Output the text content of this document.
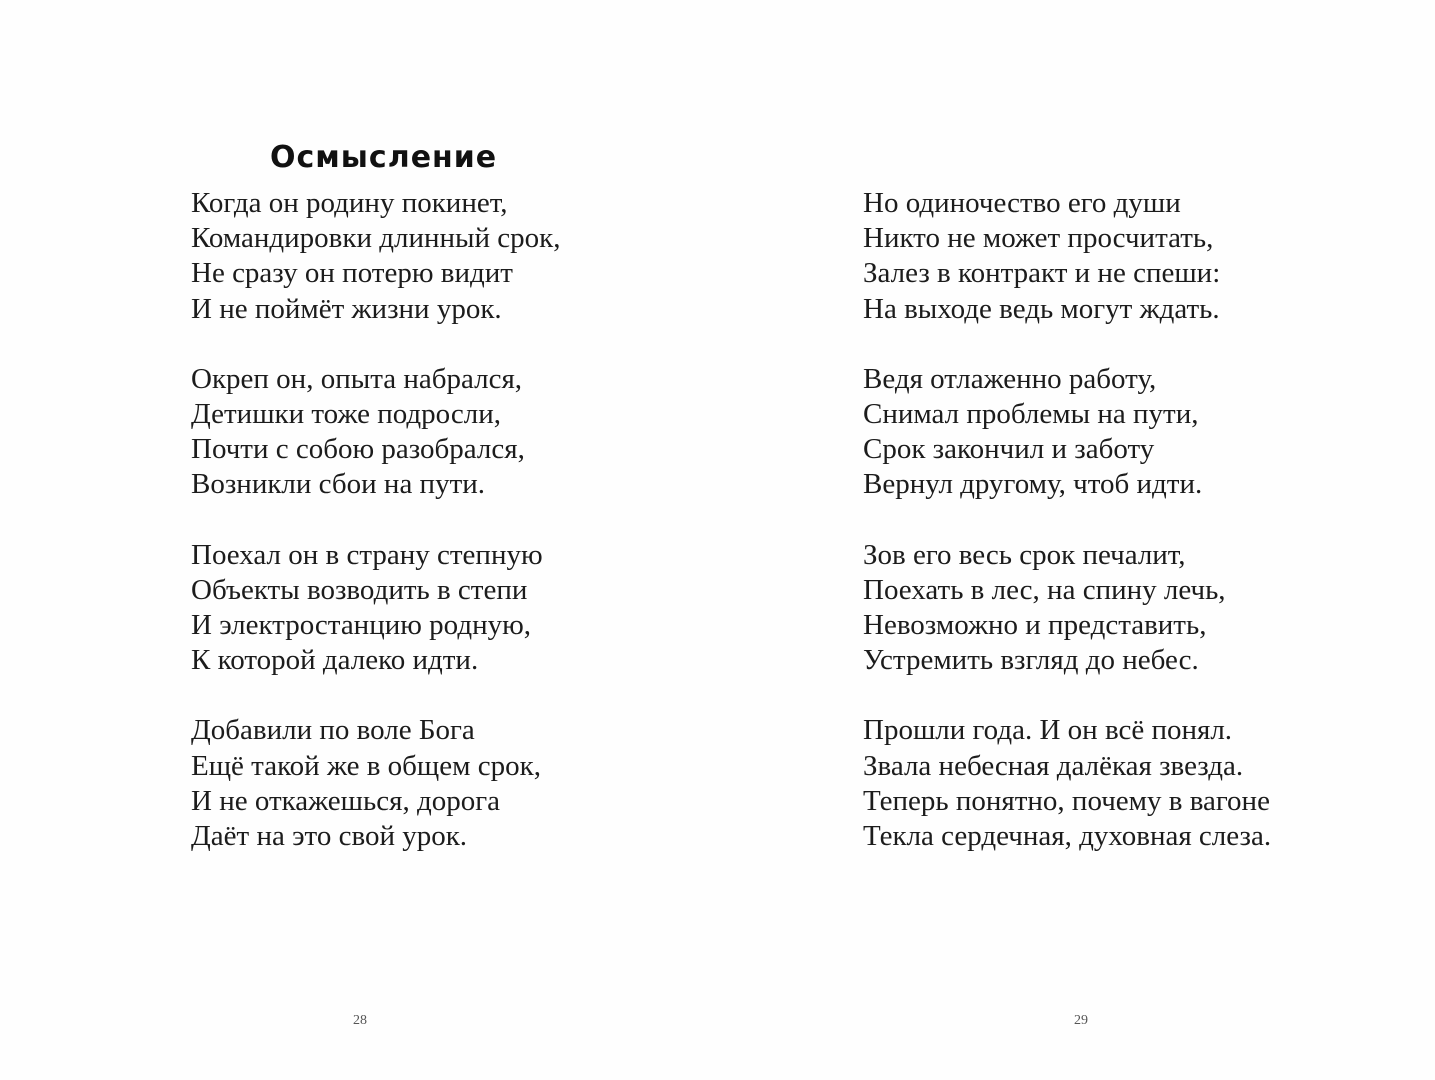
Осмысление

Когда он родину покинет,
Командировки длинный срок,
Не сразу он потерю видит
И не поймёт жизни урок.

Окреп он, опыта набрался,
Детишки тоже подросли,
Почти с собою разобрался,
Возникли сбои на пути.

Поехал он в страну степную
Объекты возводить в степи
И электростанцию родную,
К которой далеко идти.

Добавили по воле Бога
Ещё такой же в общем срок,
И не откажешься, дорога
Даёт на это свой урок.

28

Но одиночество его души
Никто не может просчитать,
Залез в контракт и не спеши:
На выходе ведь могут ждать.

Ведя отлаженно работу,
Снимал проблемы на пути,
Срок закончил и заботу
Вернул другому, чтоб идти.

Зов его весь срок печалит,
Поехать в лес, на спину лечь,
Невозможно и представить,
Устремить взгляд до небес.

Прошли года. И он всё понял.
Звала небесная далёкая звезда.
Теперь понятно, почему в вагоне
Текла сердечная, духовная слеза.

29
